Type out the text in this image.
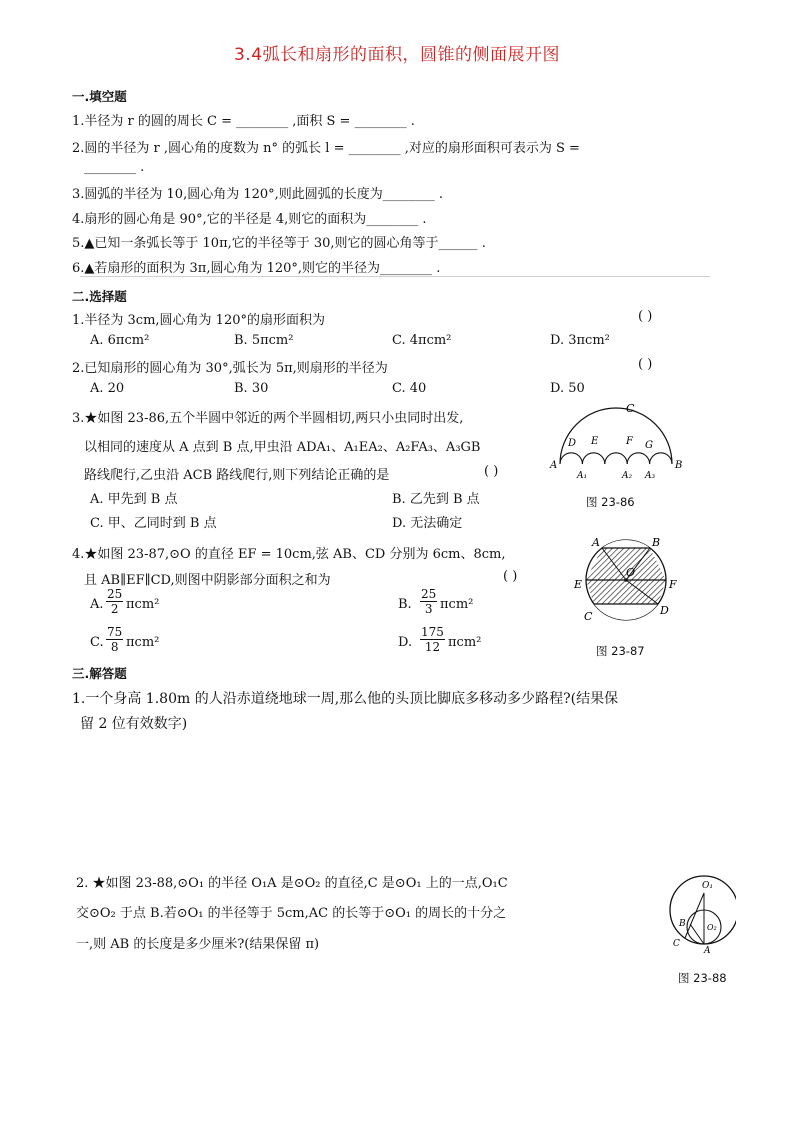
3.4弧长和扇形的面积，圆锥的侧面展开图
一.填空题
1.半径为 r 的圆的周长 C = ________ ,面积 S = ________ .
2.圆的半径为 r ,圆心角的度数为 n° 的弧长 l = ________ ,对应的扇形面积可表示为 S =
________ .
3.圆弧的半径为 10,圆心角为 120°,则此圆弧的长度为________ .
4.扇形的圆心角是 90°,它的半径是 4,则它的面积为________ .
5.▲已知一条弧长等于 10π,它的半径等于 30,则它的圆心角等于______ .
6.▲若扇形的面积为 3π,圆心角为 120°,则它的半径为________ .
二.选择题
1.半径为 3cm,圆心角为 120°的扇形面积为	( )
A. 6πcm²	B. 5πcm²	C. 4πcm²	D. 3πcm²
2.已知扇形的圆心角为 30°,弧长为 5π,则扇形的半径为	( )
A. 20	B. 30	C. 40	D. 50
3.★如图 23-86,五个半圆中邻近的两个半圆相切,两只小虫同时出发,
以相同的速度从 A 点到 B 点,甲虫沿 ADA₁、A₁EA₂、A₂FA₃、A₃GB
路线爬行,乙虫沿 ACB 路线爬行,则下列结论正确的是	( )
A. 甲先到 B 点	B. 乙先到 B 点
C. 甲、乙同时到 B 点	D. 无法确定
C
D E	F G
A
A₁	A₂ A₃
B
图 23-86
4.★如图 23-87,⊙O 的直径 EF = 10cm,弦 AB、CD 分别为 6cm、8cm,
且 AB∥EF∥CD,则图中阴影部分面积之和为	( )
A. $\frac{25}{2} \pi cm^2$	B. $\frac{25}{3} \pi cm^2$
C. $\frac{75}{8} \pi cm^2$	D. $\frac{175}{12} \pi cm^2$
A	B
E
O
F
C	D
图 23-87
三.解答题
1.一个身高 1.80m 的人沿赤道绕地球一周,那么他的头顶比脚底多移动多少路程?(结果保
留 2 位有效数字)
2. ★如图 23-88,⊙O₁ 的半径 O₁A 是⊙O₂ 的直径,C 是⊙O₁ 上的一点,O₁C
交⊙O₂ 于点 B.若⊙O₁ 的半径等于 5cm,AC 的长等于⊙O₁ 的周长的十分之
一,则 AB 的长度是多少厘米?(结果保留 π)
O₁
B	O₂
C
A
图 23-88
